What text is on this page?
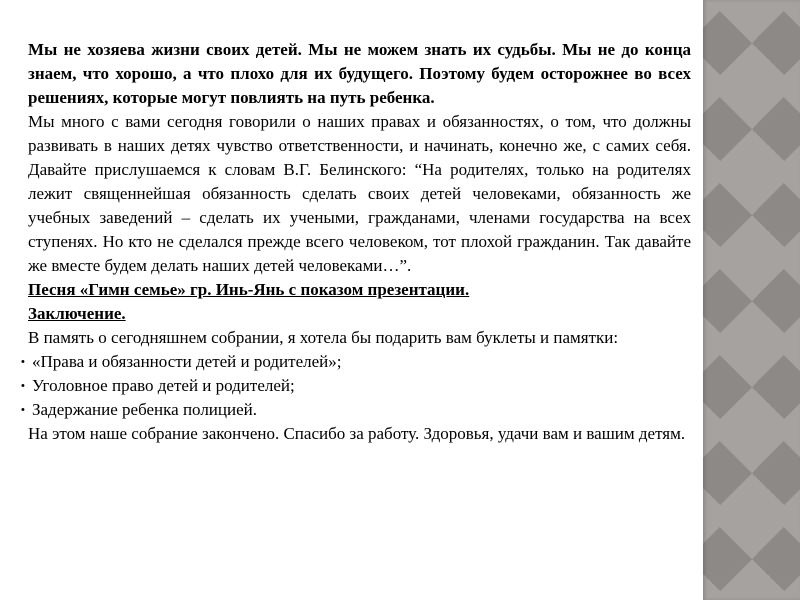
Мы не хозяева жизни своих детей. Мы не можем знать их судьбы. Мы не до конца знаем, что хорошо, а что плохо для их будущего. Поэтому будем осторожнее во всех решениях, которые могут повлиять на путь ребенка.

Мы много с вами сегодня говорили о наших правах и обязанностях, о том, что должны развивать в наших детях чувство ответственности, и начинать, конечно же, с самих себя. Давайте прислушаемся к словам В.Г. Белинского: “На родителях, только на родителях лежит священнейшая обязанность сделать своих детей человеками, обязанность же учебных заведений – сделать их учеными, гражданами, членами государства на всех ступенях. Но кто не сделался прежде всего человеком, тот плохой гражданин. Так давайте же вместе будем делать наших детей человеками…”.

Песня «Гимн семье» гр. Инь-Янь с показом презентации.

Заключение.

В память о сегодняшнем собрании, я хотела бы подарить вам буклеты и памятки:

• «Права и обязанности детей и родителей»;
• Уголовное право детей и родителей;
• Задержание ребенка полицией.

На этом наше собрание закончено. Спасибо за работу. Здоровья, удачи вам и вашим детям.
